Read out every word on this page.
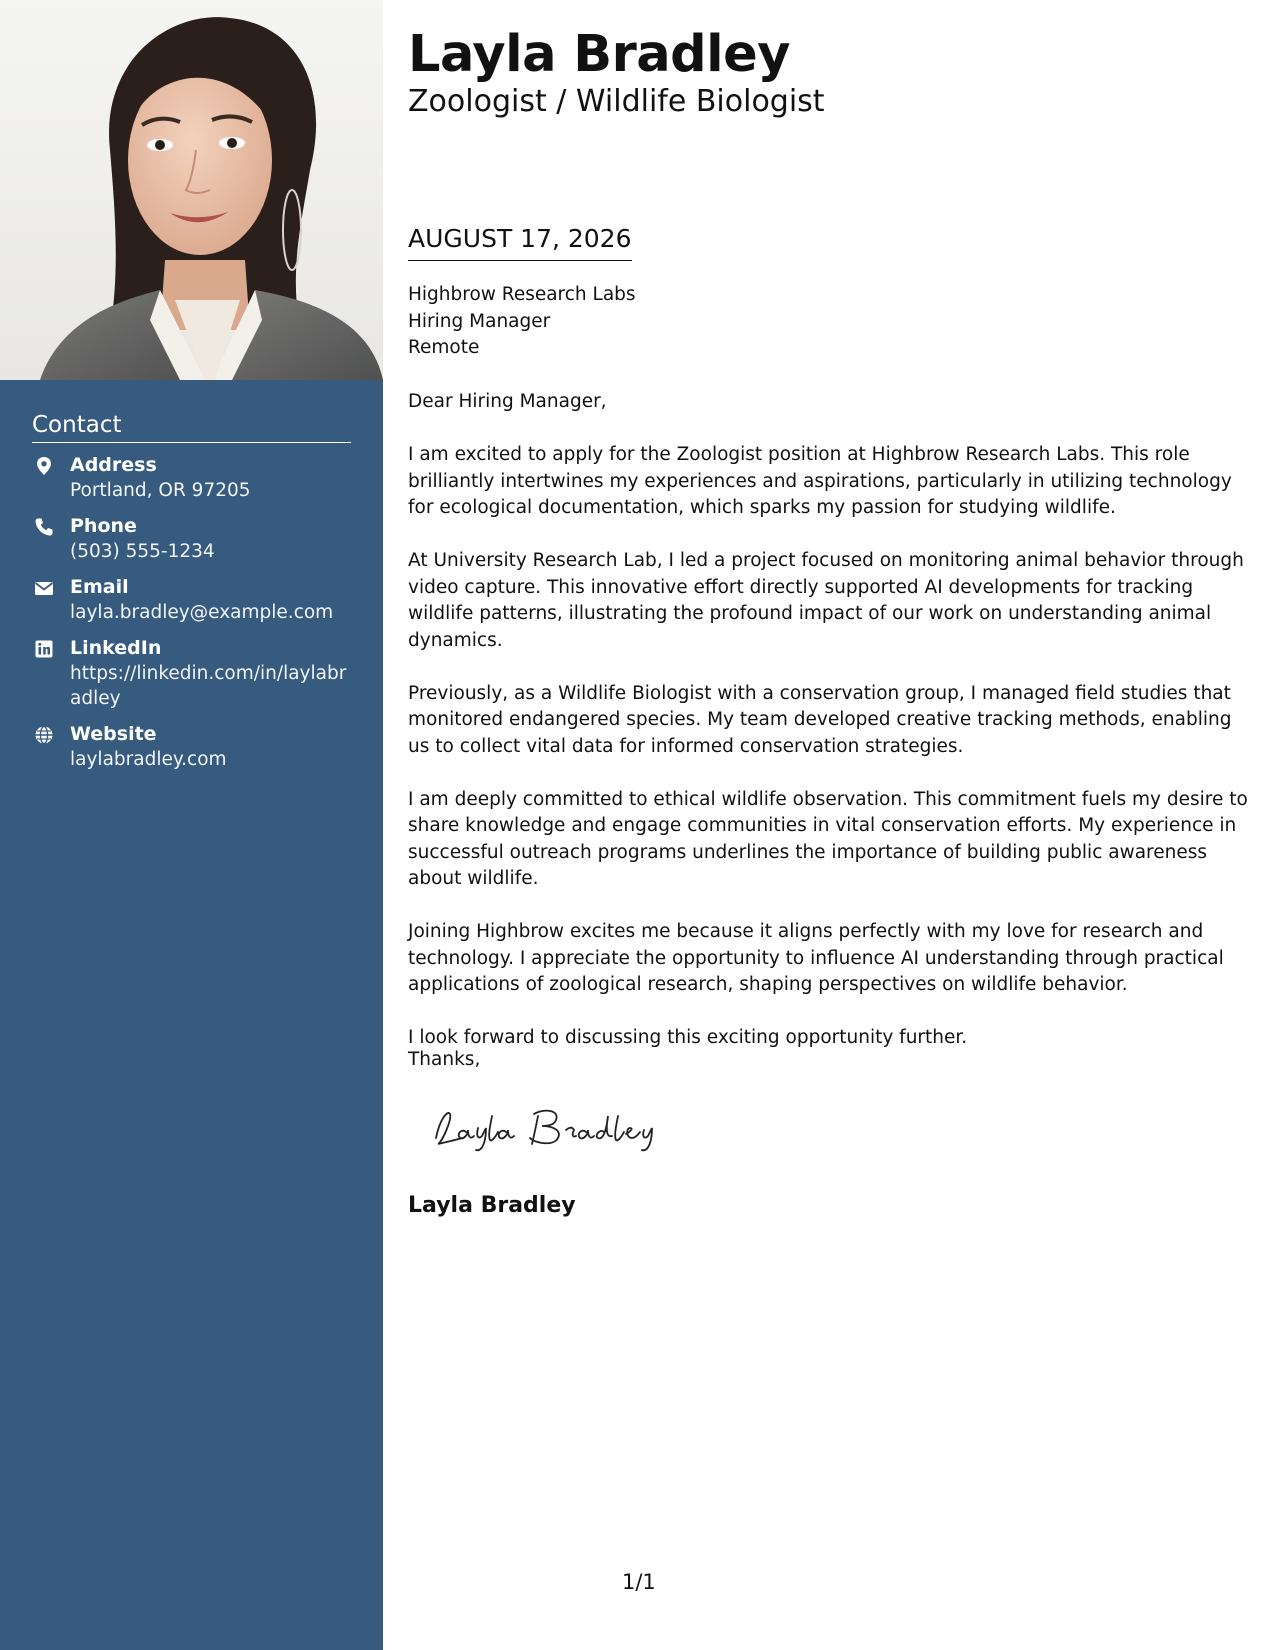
Contact
Address
Portland, OR 97205
Phone
(503) 555-1234
Email
layla.bradley@example.com
LinkedIn
https://linkedin.com/in/laylabradley
Website
laylabradley.com
Layla Bradley
Zoologist / Wildlife Biologist
AUGUST 17, 2026
Highbrow Research Labs
Hiring Manager
Remote
Dear Hiring Manager,

I am excited to apply for the Zoologist position at Highbrow Research Labs. This role brilliantly intertwines my experiences and aspirations, particularly in utilizing technology for ecological documentation, which sparks my passion for studying wildlife.

At University Research Lab, I led a project focused on monitoring animal behavior through video capture. This innovative effort directly supported AI developments for tracking wildlife patterns, illustrating the profound impact of our work on understanding animal dynamics.

Previously, as a Wildlife Biologist with a conservation group, I managed field studies that monitored endangered species. My team developed creative tracking methods, enabling us to collect vital data for informed conservation strategies.

I am deeply committed to ethical wildlife observation. This commitment fuels my desire to share knowledge and engage communities in vital conservation efforts. My experience in successful outreach programs underlines the importance of building public awareness about wildlife.

Joining Highbrow excites me because it aligns perfectly with my love for research and technology. I appreciate the opportunity to influence AI understanding through practical applications of zoological research, shaping perspectives on wildlife behavior.

I look forward to discussing this exciting opportunity further.

Thanks,
Layla Bradley
1/1
